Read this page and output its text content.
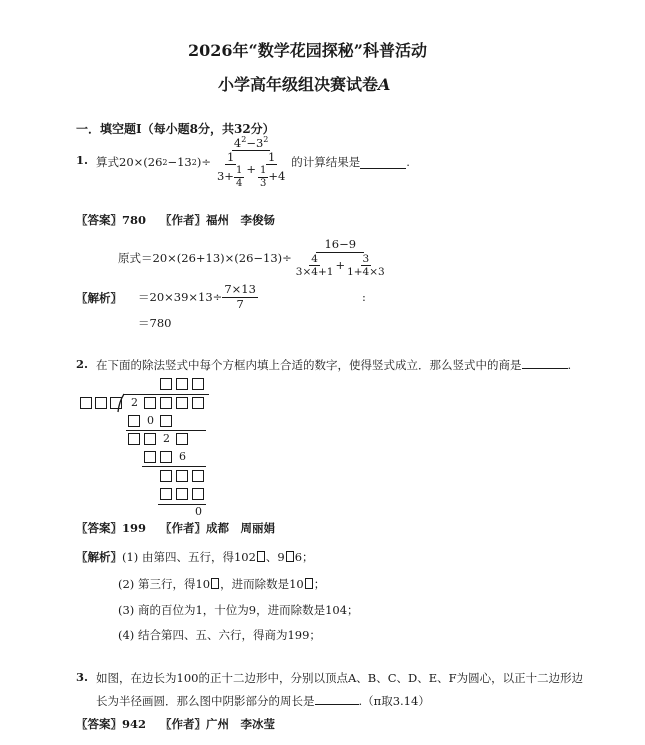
2026年“数学花园探秘”科普活动
小学高年级组决赛试卷A
一．填空题Ⅰ（每小题8分，共32分）
1. 算式 20×(26 2 −13 2 )÷ $\frac{4^2-3^2}{\frac{1}{3+ \frac{1}{4}} + \frac{1}{\frac{1}{3} +4}}$ 的计算结果是	.
〖答案〗780 〖作者〗福州　李俊钖
原式$=20\times(26+13)\times(26-13)\div \frac{16-9}{\frac{4}{3\times 4+1} + \frac{3}{1+4\times 3}}$
〖解析〗 $=20\times 39\times 13\div \frac{7\times 13}{7}$	:
＝780
2. 在下面的除法竖式中每个方框内填上合适的数字，使得竖式成立．那么竖式中的商是	.
2
0
2
6
0
〖答案〗199 〖作者〗成都　周丽娟
〖解析〗(1) 由第四、五行，得102 、9 6；
(2) 第三行，得10 ，进而除数是10 ；
(3) 商的百位为1，十位为9，进而除数是104；
(4) 结合第四、五、六行，得商为199；
3. 如图，在边长为100的正十二边形中，分别以顶点A、B、C、D、E、F为圆心，以正十二边形边
长为半径画圆．那么图中阴影部分的周长是	.（π取3.14）
〖答案〗942 〖作者〗广州　李冰莹
